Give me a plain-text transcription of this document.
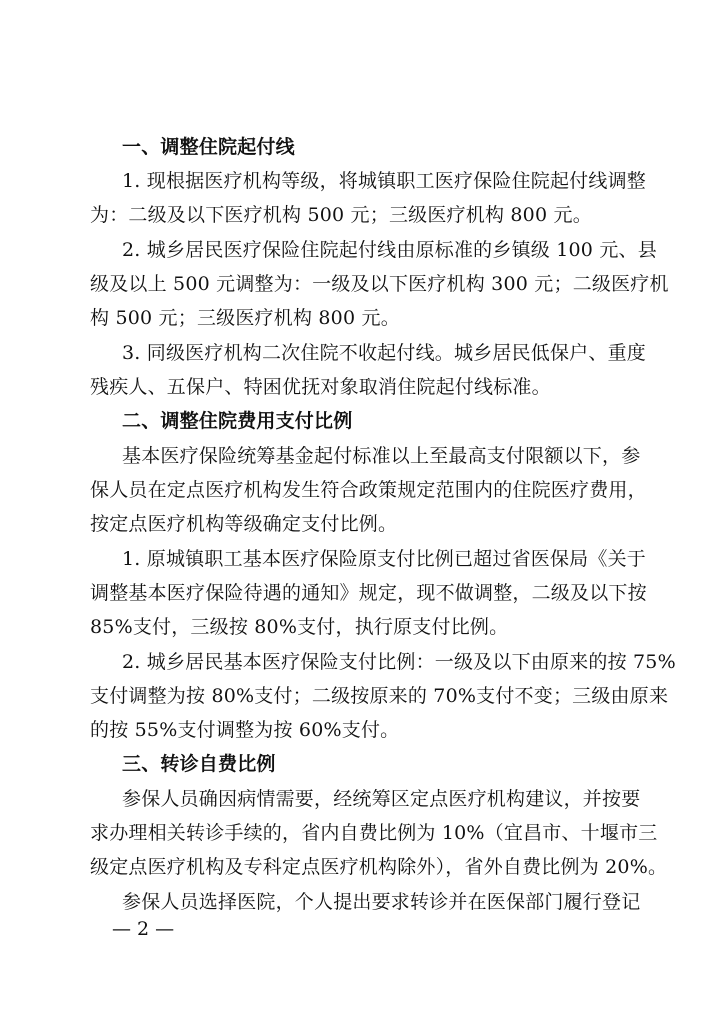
一、调整住院起付线
1. 现根据医疗机构等级，将城镇职工医疗保险住院起付线调整
为：二级及以下医疗机构 500 元；三级医疗机构 800 元。
2. 城乡居民医疗保险住院起付线由原标准的乡镇级 100 元、县
级及以上 500 元调整为：一级及以下医疗机构 300 元；二级医疗机
构 500 元；三级医疗机构 800 元。
3. 同级医疗机构二次住院不收起付线。城乡居民低保户、重度
残疾人、五保户、特困优抚对象取消住院起付线标准。
二、调整住院费用支付比例
基本医疗保险统筹基金起付标准以上至最高支付限额以下，参
保人员在定点医疗机构发生符合政策规定范围内的住院医疗费用，
按定点医疗机构等级确定支付比例。
1. 原城镇职工基本医疗保险原支付比例已超过省医保局《关于
调整基本医疗保险待遇的通知》规定，现不做调整，二级及以下按
85%支付，三级按 80%支付，执行原支付比例。
2. 城乡居民基本医疗保险支付比例：一级及以下由原来的按 75%
支付调整为按 80%支付；二级按原来的 70%支付不变；三级由原来
的按 55%支付调整为按 60%支付。
三、转诊自费比例
参保人员确因病情需要，经统筹区定点医疗机构建议，并按要
求办理相关转诊手续的，省内自费比例为 10%（宜昌市、十堰市三
级定点医疗机构及专科定点医疗机构除外），省外自费比例为 20%。
参保人员选择医院，个人提出要求转诊并在医保部门履行登记
— 2 —
